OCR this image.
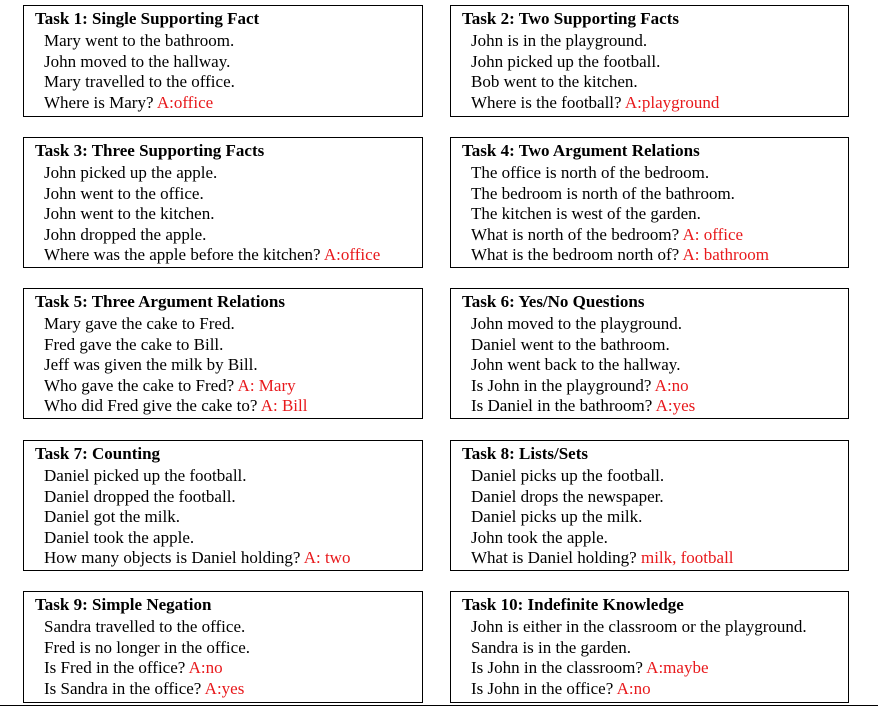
Task 1: Single Supporting Fact
Mary went to the bathroom.
John moved to the hallway.
Mary travelled to the office.
Where is Mary? A:office
Task 3: Three Supporting Facts
John picked up the apple.
John went to the office.
John went to the kitchen.
John dropped the apple.
Where was the apple before the kitchen? A:office
Task 5: Three Argument Relations
Mary gave the cake to Fred.
Fred gave the cake to Bill.
Jeff was given the milk by Bill.
Who gave the cake to Fred? A: Mary
Who did Fred give the cake to? A: Bill
Task 7: Counting
Daniel picked up the football.
Daniel dropped the football.
Daniel got the milk.
Daniel took the apple.
How many objects is Daniel holding? A: two
Task 9: Simple Negation
Sandra travelled to the office.
Fred is no longer in the office.
Is Fred in the office? A:no
Is Sandra in the office? A:yes
Task 2: Two Supporting Facts
John is in the playground.
John picked up the football.
Bob went to the kitchen.
Where is the football? A:playground
Task 4: Two Argument Relations
The office is north of the bedroom.
The bedroom is north of the bathroom.
The kitchen is west of the garden.
What is north of the bedroom? A: office
What is the bedroom north of? A: bathroom
Task 6: Yes/No Questions
John moved to the playground.
Daniel went to the bathroom.
John went back to the hallway.
Is John in the playground? A:no
Is Daniel in the bathroom? A:yes
Task 8: Lists/Sets
Daniel picks up the football.
Daniel drops the newspaper.
Daniel picks up the milk.
John took the apple.
What is Daniel holding? milk, football
Task 10: Indefinite Knowledge
John is either in the classroom or the playground.
Sandra is in the garden.
Is John in the classroom? A:maybe
Is John in the office? A:no
